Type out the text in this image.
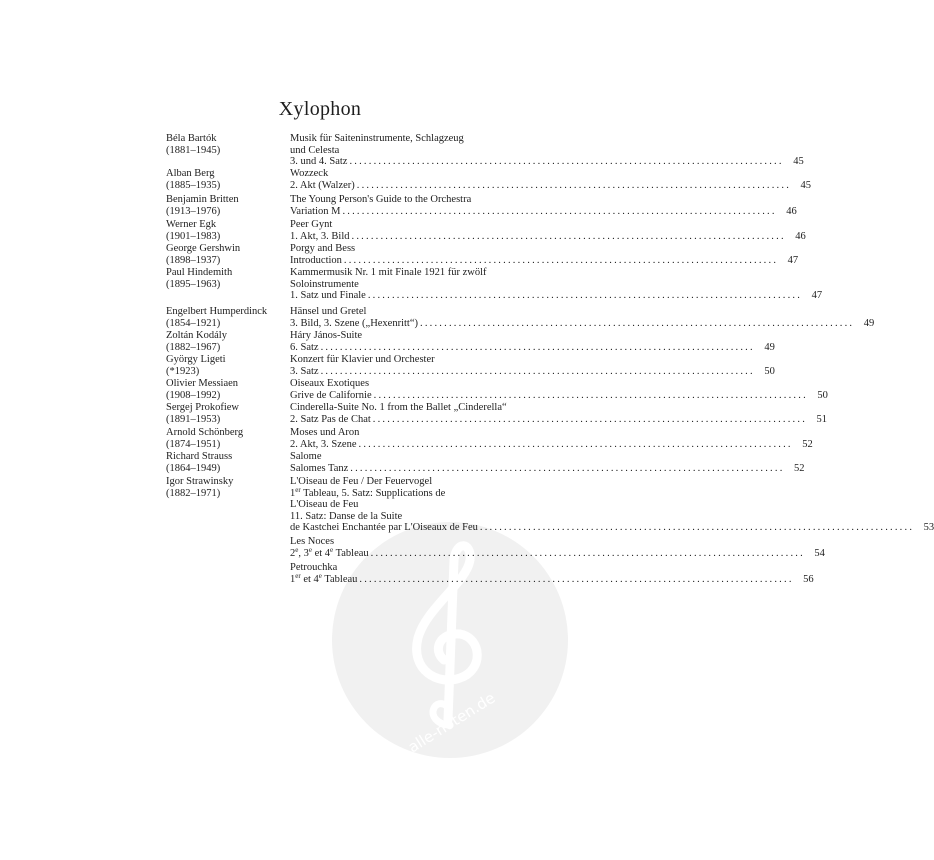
alle-noten.de
Xylophon
Béla Bartók
(1881–1945)
Alban Berg
(1885–1935)
Benjamin Britten
(1913–1976)
Werner Egk
(1901–1983)
George Gershwin
(1898–1937)
Paul Hindemith
(1895–1963)
Engelbert Humperdinck
(1854–1921)
Zoltán Kodály
(1882–1967)
György Ligeti
(*1923)
Olivier Messiaen
(1908–1992)
Sergej Prokofiew
(1891–1953)
Arnold Schönberg
(1874–1951)
Richard Strauss
(1864–1949)
Igor Strawinsky
(1882–1971)
Musik für Saiteninstrumente, Schlagzeug
und Celesta
3. und 4. Satz .......................................................................................... 45
Wozzeck
2. Akt (Walzer) .......................................................................................... 45
The Young Person's Guide to the Orchestra
Variation M .......................................................................................... 46
Peer Gynt
1. Akt, 3. Bild .......................................................................................... 46
Porgy and Bess
Introduction .......................................................................................... 47
Kammermusik Nr. 1 mit Finale 1921 für zwölf
Soloinstrumente
1. Satz und Finale .......................................................................................... 47
Hänsel und Gretel
3. Bild, 3. Szene („Hexenritt“) .......................................................................................... 49
Háry János-Suite
6. Satz .......................................................................................... 49
Konzert für Klavier und Orchester
3. Satz .......................................................................................... 50
Oiseaux Exotiques
Grive de Californie .......................................................................................... 50
Cinderella-Suite No. 1 from the Ballet „Cinderella“
2. Satz Pas de Chat .......................................................................................... 51
Moses und Aron
2. Akt, 3. Szene .......................................................................................... 52
Salome
Salomes Tanz .......................................................................................... 52
L'Oiseau de Feu / Der Feuervogel
1er Tableau, 5. Satz: Supplications de
L'Oiseau de Feu
11. Satz: Danse de la Suite
de Kastchei Enchantée par L'Oiseaux de Feu .......................................................................................... 53
Les Noces
2e, 3e et 4e Tableau .......................................................................................... 54
Petrouchka
1er et 4e Tableau .......................................................................................... 56
